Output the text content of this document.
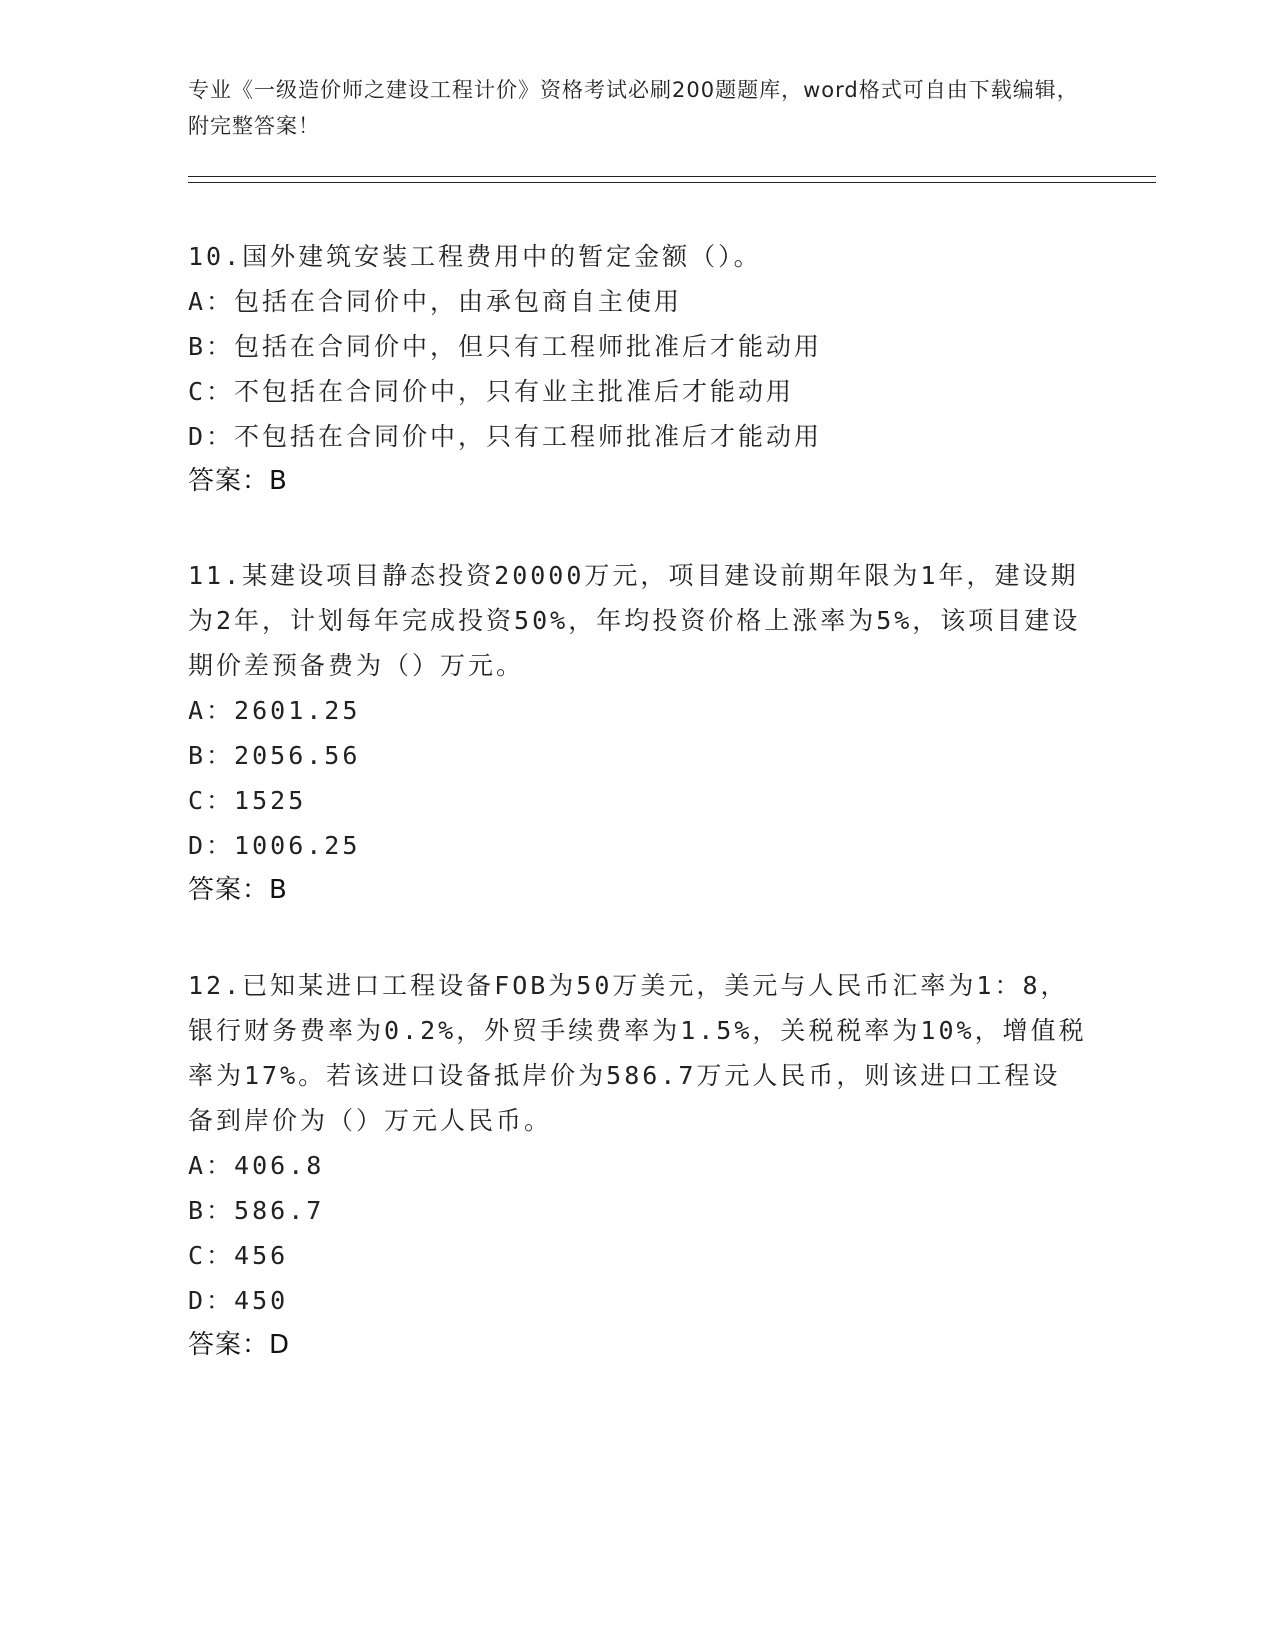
专业《一级造价师之建设工程计价》资格考试必刷200题题库，word格式可自由下载编辑，附完整答案！

10.国外建筑安装工程费用中的暂定金额（）。

A：包括在合同价中，由承包商自主使用

B：包括在合同价中，但只有工程师批准后才能动用

C：不包括在合同价中，只有业主批准后才能动用

D：不包括在合同价中，只有工程师批准后才能动用

答案：B

11.某建设项目静态投资20000万元，项目建设前期年限为1年，建设期为2年，计划每年完成投资50%，年均投资价格上涨率为5%，该项目建设期价差预备费为（）万元。

A：2601.25

B：2056.56

C：1525

D：1006.25

答案：B

12.已知某进口工程设备FOB为50万美元，美元与人民币汇率为1：8，银行财务费率为0.2%，外贸手续费率为1.5%，关税税率为10%，增值税率为17%。若该进口设备抵岸价为586.7万元人民币，则该进口工程设备到岸价为（）万元人民币。

A：406.8

B：586.7

C：456

D：450

答案：D
